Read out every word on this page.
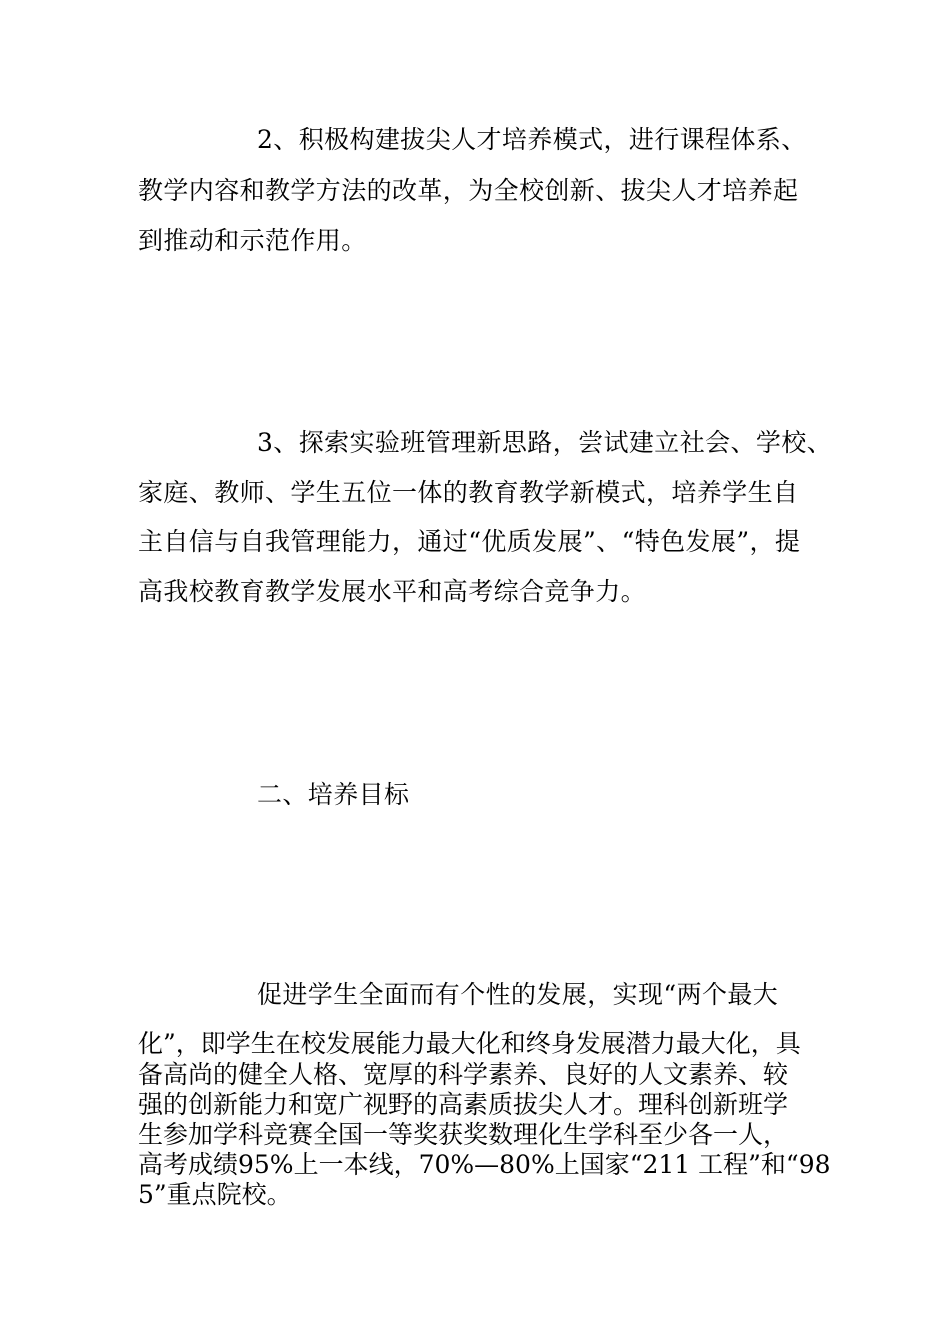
2、积极构建拔尖人才培养模式，进行课程体系、
教学内容和教学方法的改革，为全校创新、拔尖人才培养起
到推动和示范作用。
3、探索实验班管理新思路，尝试建立社会、学校、
家庭、教师、学生五位一体的教育教学新模式，培养学生自
主自信与自我管理能力，通过“优质发展”、“特色发展”，提
高我校教育教学发展水平和高考综合竞争力。
二、培养目标
促进学生全面而有个性的发展，实现“两个最大
化”，即学生在校发展能力最大化和终身发展潜力最大化，具
备高尚的健全人格、宽厚的科学素养、良好的人文素养、较
强的创新能力和宽广视野的高素质拔尖人才。理科创新班学
生参加学科竞赛全国一等奖获奖数理化生学科至少各一人，
高考成绩95%上一本线，70%—80%上国家“211 工程”和“98
5”重点院校。
